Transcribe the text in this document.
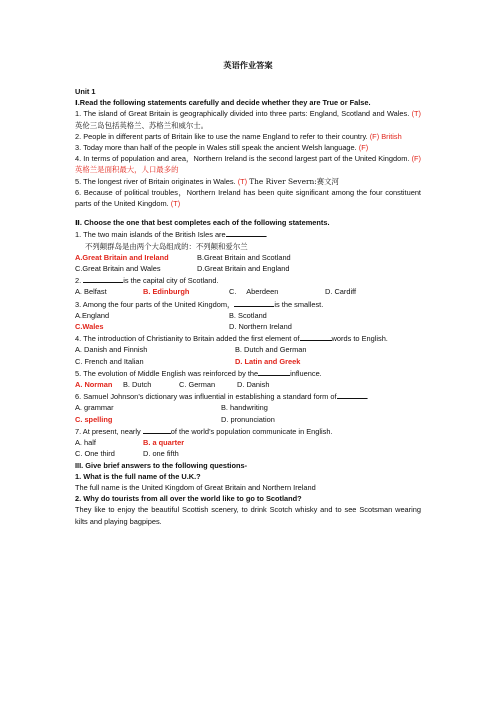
英语作业答案

Unit 1

Ⅰ.Read the following statements carefully and decide whether they are True or False.

1. The island of Great Britain is geographically divided into three parts: England, Scotland and Wales. (T) 英伦三岛包括英格兰、苏格兰和威尔士。

2. People in different parts of Britain like to use the name England to refer to their country. (F) British

3. Today more than half of the people in Wales still speak the ancient Welsh language. (F)

4. In terms of population and area，Northern Ireland is the second largest part of the United Kingdom. (F) 英格兰是面积最大，人口最多的

5. The longest river of Britain originates in Wales. (T) The River Severn:赛文河

6. Because of political troubles，Northern Ireland has been quite significant among the four constituent parts of the United Kingdom. (T)

Ⅱ. Choose the one that best completes each of the following statements.

1. The two main islands of the British Isles are	.

不列颠群岛是由两个大岛组成的：不列颠和爱尔兰

A.Great Britain and Ireland	B.Great Britain and Scotland
C.Great Britain and Wales	D.Great Britain and England

2.	is the capital city of Scotland.

A. Belfast	B. Edinburgh	C.     Aberdeen	D. Cardiff

3. Among the four parts of the United Kingdom，	is the smallest.

A.England	B. Scotland
C.Wales	D. Northern Ireland

4. The introduction of Christianity to Britain added the first element of	words to English.

A. Danish and Finnish	B. Dutch and German
C. French and Italian	D. Latin and Greek

5. The evolution of Middle English was reinforced by the	influence.

A. Norman	B. Dutch	C. German	D. Danish

6. Samuel Johnson’s dictionary was influential in establishing a standard form of	.

A. grammar	B. handwriting
C. spelling	D. pronunciation

7. At present, nearly	of the world’s population communicate in English.

A. half	B. a quarter
C. One third	D. one fifth

III. Give brief answers to the following questions-

1. What is the full name of the U.K.?

The full name is the United Kingdom of Great Britain and Northern Ireland

2. Why do tourists from all over the world like to go to Scotland?

They like to enjoy the beautiful Scottish scenery, to drink Scotch whisky and to see Scotsman wearing kilts and playing bagpipes.
